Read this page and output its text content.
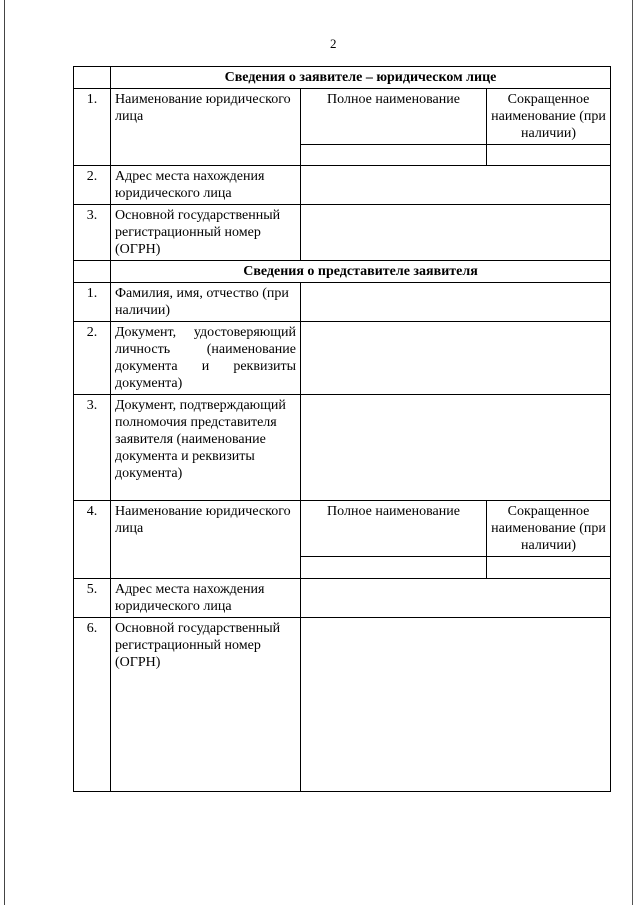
2
	Сведения о заявителе – юридическом лице		
1.	Наименование юридического лица	Полное наименование	Сокращенное наименование (при наличии)

2.	Адрес места нахождения юридического лица		
3.	Основной государственный регистрационный номер (ОГРН)		
	Сведения о представителе заявителя		
1.	Фамилия, имя, отчество (при наличии)		
2.	Документ, удостоверяющий личность (наименование документа и реквизиты документа)		
3.	Документ, подтверждающий полномочия представителя заявителя (наименование документа и реквизиты документа)		
4.	Наименование юридического лица	Полное наименование	Сокращенное наименование (при наличии)

5.	Адрес места нахождения юридического лица		
6.	Основной государственный регистрационный номер (ОГРН)		
